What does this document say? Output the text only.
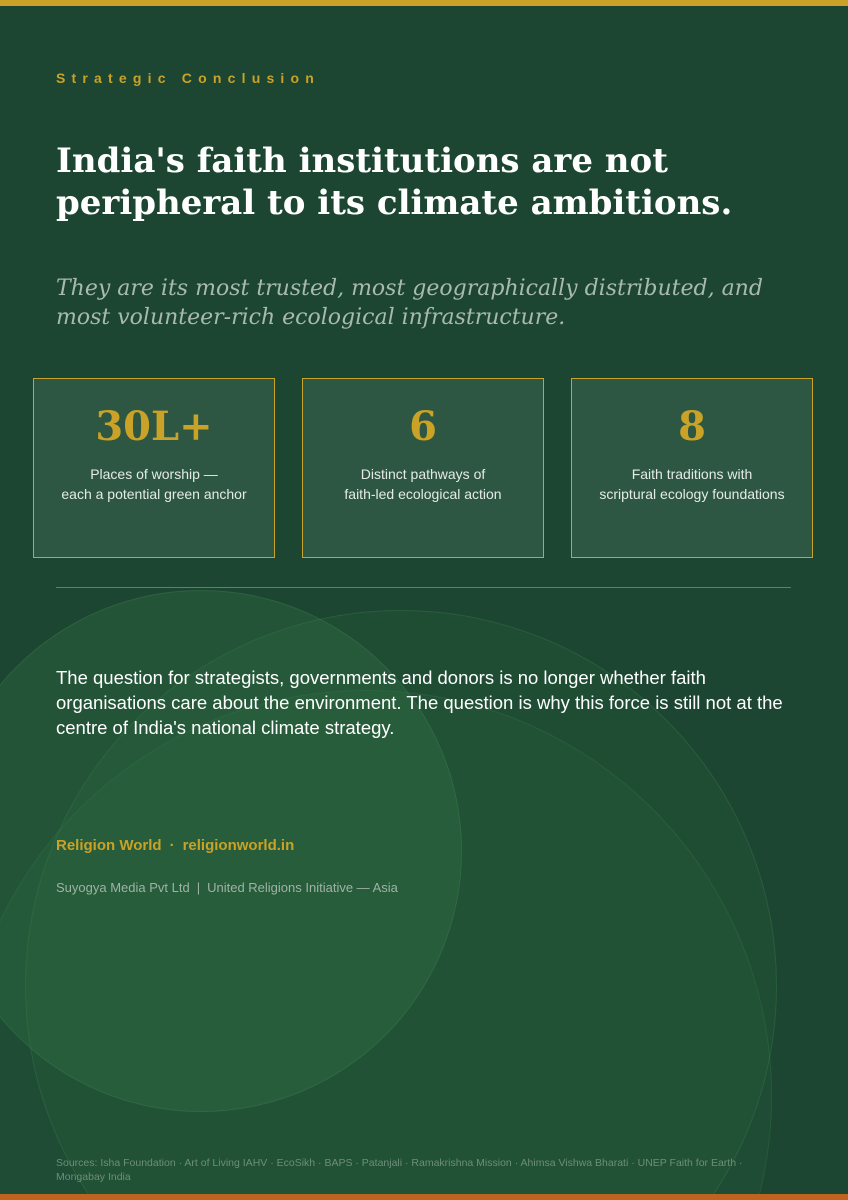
Strategic Conclusion
India's faith institutions are not peripheral to its climate ambitions.

They are its most trusted, most geographically distributed, and most volunteer-rich ecological infrastructure.

30L+
Places of worship —
each a potential green anchor
6
Distinct pathways of
faith-led ecological action
8
Faith traditions with
scriptural ecology foundations

The question for strategists, governments and donors is no longer whether faith organisations care about the environment. The question is why this force is still not at the centre of India's national climate strategy.

Religion World · religionworld.in
Suyogya Media Pvt Ltd | United Religions Initiative — Asia
Sources: Isha Foundation · Art of Living IAHV · EcoSikh · BAPS · Patanjali · Ramakrishna Mission · Ahimsa Vishwa Bharati · UNEP Faith for Earth · Mongabay India
